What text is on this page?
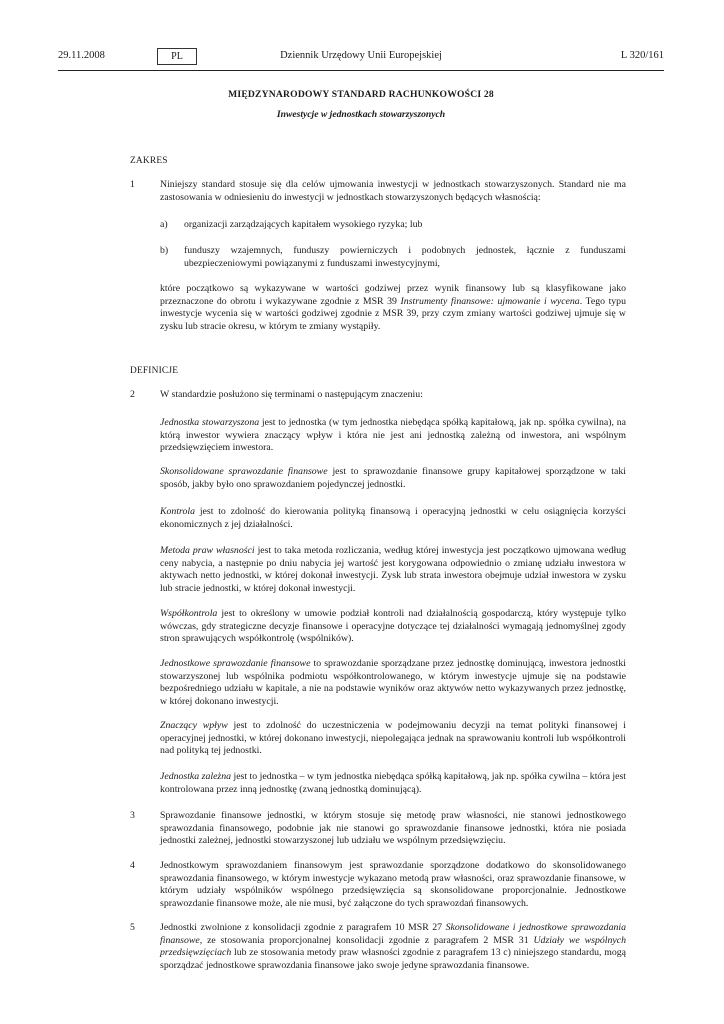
29.11.2008	PL	Dziennik Urzędowy Unii Europejskiej	L 320/161
MIĘDZYNARODOWY STANDARD RACHUNKOWOŚCI 28
Inwestycje w jednostkach stowarzyszonych
ZAKRES
1	Niniejszy standard stosuje się dla celów ujmowania inwestycji w jednostkach stowarzyszonych. Standard nie ma zastosowania w odniesieniu do inwestycji w jednostkach stowarzyszonych będących własnością:
a) organizacji zarządzających kapitałem wysokiego ryzyka; lub
b) funduszy wzajemnych, funduszy powierniczych i podobnych jednostek, łącznie z funduszami ubezpieczeniowymi powiązanymi z funduszami inwestycyjnymi,
które początkowo są wykazywane w wartości godziwej przez wynik finansowy lub są klasyfikowane jako przeznaczone do obrotu i wykazywane zgodnie z MSR 39 Instrumenty finansowe: ujmowanie i wycena. Tego typu inwestycje wycenia się w wartości godziwej zgodnie z MSR 39, przy czym zmiany wartości godziwej ujmuje się w zysku lub stracie okresu, w którym te zmiany wystąpiły.
DEFINICJE
2	W standardzie posłużono się terminami o następującym znaczeniu:
Jednostka stowarzyszona jest to jednostka (w tym jednostka niebędąca spółką kapitałową, jak np. spółka cywilna), na którą inwestor wywiera znaczący wpływ i która nie jest ani jednostką zależną od inwestora, ani wspólnym przedsięwzięciem inwestora.
Skonsolidowane sprawozdanie finansowe jest to sprawozdanie finansowe grupy kapitałowej sporządzone w taki sposób, jakby było ono sprawozdaniem pojedynczej jednostki.
Kontrola jest to zdolność do kierowania polityką finansową i operacyjną jednostki w celu osiągnięcia korzyści ekonomicznych z jej działalności.
Metoda praw własności jest to taka metoda rozliczania, według której inwestycja jest początkowo ujmowana według ceny nabycia, a następnie po dniu nabycia jej wartość jest korygowana odpowiednio o zmianę udziału inwestora w aktywach netto jednostki, w której dokonał inwestycji. Zysk lub strata inwestora obejmuje udział inwestora w zysku lub stracie jednostki, w której dokonał inwestycji.
Współkontrola jest to określony w umowie podział kontroli nad działalnością gospodarczą, który występuje tylko wówczas, gdy strategiczne decyzje finansowe i operacyjne dotyczące tej działalności wymagają jednomyślnej zgody stron sprawujących współkontrolę (wspólników).
Jednostkowe sprawozdanie finansowe to sprawozdanie sporządzane przez jednostkę dominującą, inwestora jednostki stowarzyszonej lub wspólnika podmiotu współkontrolowanego, w którym inwestycje ujmuje się na podstawie bezpośredniego udziału w kapitale, a nie na podstawie wyników oraz aktywów netto wykazywanych przez jednostkę, w której dokonano inwestycji.
Znaczący wpływ jest to zdolność do uczestniczenia w podejmowaniu decyzji na temat polityki finansowej i operacyjnej jednostki, w której dokonano inwestycji, niepolegająca jednak na sprawowaniu kontroli lub współkontroli nad polityką tej jednostki.
Jednostka zależna jest to jednostka – w tym jednostka niebędąca spółką kapitałową, jak np. spółka cywilna – która jest kontrolowana przez inną jednostkę (zwaną jednostką dominującą).
3	Sprawozdanie finansowe jednostki, w którym stosuje się metodę praw własności, nie stanowi jednostkowego sprawozdania finansowego, podobnie jak nie stanowi go sprawozdanie finansowe jednostki, która nie posiada jednostki zależnej, jednostki stowarzyszonej lub udziału we wspólnym przedsięwzięciu.
4	Jednostkowym sprawozdaniem finansowym jest sprawozdanie sporządzone dodatkowo do skonsolidowanego sprawozdania finansowego, w którym inwestycje wykazano metodą praw własności, oraz sprawozdanie finansowe, w którym udziały wspólników wspólnego przedsięwzięcia są skonsolidowane proporcjonalnie. Jednostkowe sprawozdanie finansowe może, ale nie musi, być załączone do tych sprawozdań finansowych.
5	Jednostki zwolnione z konsolidacji zgodnie z paragrafem 10 MSR 27 Skonsolidowane i jednostkowe sprawozdania finansowe, ze stosowania proporcjonalnej konsolidacji zgodnie z paragrafem 2 MSR 31 Udziały we wspólnych przedsięwzięciach lub ze stosowania metody praw własności zgodnie z paragrafem 13 c) niniejszego standardu, mogą sporządzać jednostkowe sprawozdania finansowe jako swoje jedyne sprawozdania finansowe.
